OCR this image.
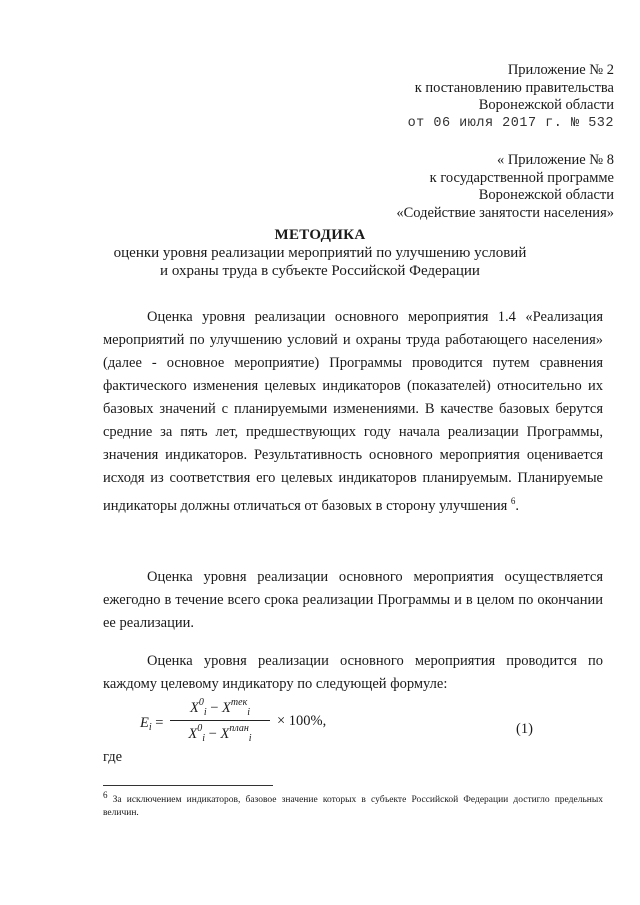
Приложение № 2
к постановлению правительства
Воронежской области
от 06 июля 2017 г. № 532
« Приложение № 8
к государственной программе
Воронежской области
«Содействие занятости населения»
МЕТОДИКА
оценки уровня реализации мероприятий по улучшению условий
и охраны труда в субъекте Российской Федерации

Оценка уровня реализации основного мероприятия 1.4 «Реализация мероприятий по улучшению условий и охраны труда работающего населения» (далее - основное мероприятие) Программы проводится путем сравнения фактического изменения целевых индикаторов (показателей) относительно их базовых значений с планируемыми изменениями. В качестве базовых берутся средние за пять лет, предшествующих году начала реализации Программы, значения индикаторов. Результативность основного мероприятия оценивается исходя из соответствия его целевых индикаторов планируемым. Планируемые индикаторы должны отличаться от базовых в сторону улучшения $^6$.

Оценка уровня реализации основного мероприятия осуществляется ежегодно в течение всего срока реализации Программы и в целом по окончании ее реализации.

Оценка уровня реализации основного мероприятия проводится по каждому целевому индикатору по следующей формуле:

$E_i$ =
$X^0_i - X^{тек}_i$
$X^0_i - X^{план}_i$
× 100%,	(1)
где
$^6$ За исключением индикаторов, базовое значение которых в субъекте Российской Федерации достигло предельных величин.
